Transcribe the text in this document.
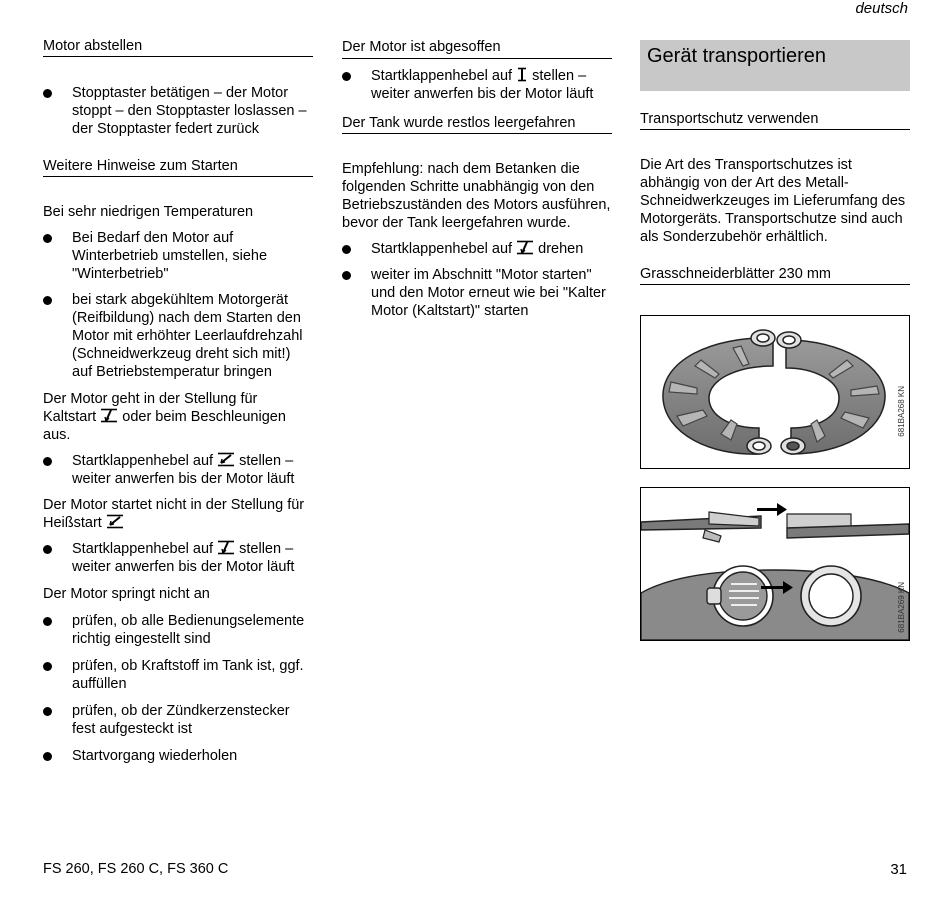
deutsch
Motor abstellen
Stopptaster betätigen – der Motor stoppt – den Stopptaster loslassen – der Stopptaster federt zurück
Weitere Hinweise zum Starten
Bei sehr niedrigen Temperaturen
Bei Bedarf den Motor auf Winterbetrieb umstellen, siehe "Winterbetrieb"
bei stark abgekühltem Motorgerät (Reifbildung) nach dem Starten den Motor mit erhöhter Leerlaufdrehzahl (Schneidwerkzeug dreht sich mit!) auf Betriebstemperatur bringen
Der Motor geht in der Stellung für Kaltstart oder beim Beschleunigen aus.
Startklappenhebel auf stellen – weiter anwerfen bis der Motor läuft
Der Motor startet nicht in der Stellung für Heißstart
Startklappenhebel auf stellen – weiter anwerfen bis der Motor läuft
Der Motor springt nicht an
prüfen, ob alle Bedienungselemente richtig eingestellt sind
prüfen, ob Kraftstoff im Tank ist, ggf. auffüllen
prüfen, ob der Zündkerzenstecker fest aufgesteckt ist
Startvorgang wiederholen
Der Motor ist abgesoffen
Startklappenhebel auf stellen – weiter anwerfen bis der Motor läuft
Der Tank wurde restlos leergefahren

Empfehlung: nach dem Betanken die folgenden Schritte unabhängig von den Betriebszuständen des Motors ausführen, bevor der Tank leergefahren wurde.

Startklappenhebel auf drehen
weiter im Abschnitt "Motor starten" und den Motor erneut wie bei "Kalter Motor (Kaltstart)" starten
Gerät transportieren
Transportschutz verwenden

Die Art des Transportschutzes ist abhängig von der Art des Metall-Schneidwerkzeuges im Lieferumfang des Motorgeräts. Transportschutze sind auch als Sonderzubehör erhältlich.

Grasschneiderblätter 230 mm
681BA268 KN
681BA269 KN
FS 260, FS 260 C, FS 360 C	31
